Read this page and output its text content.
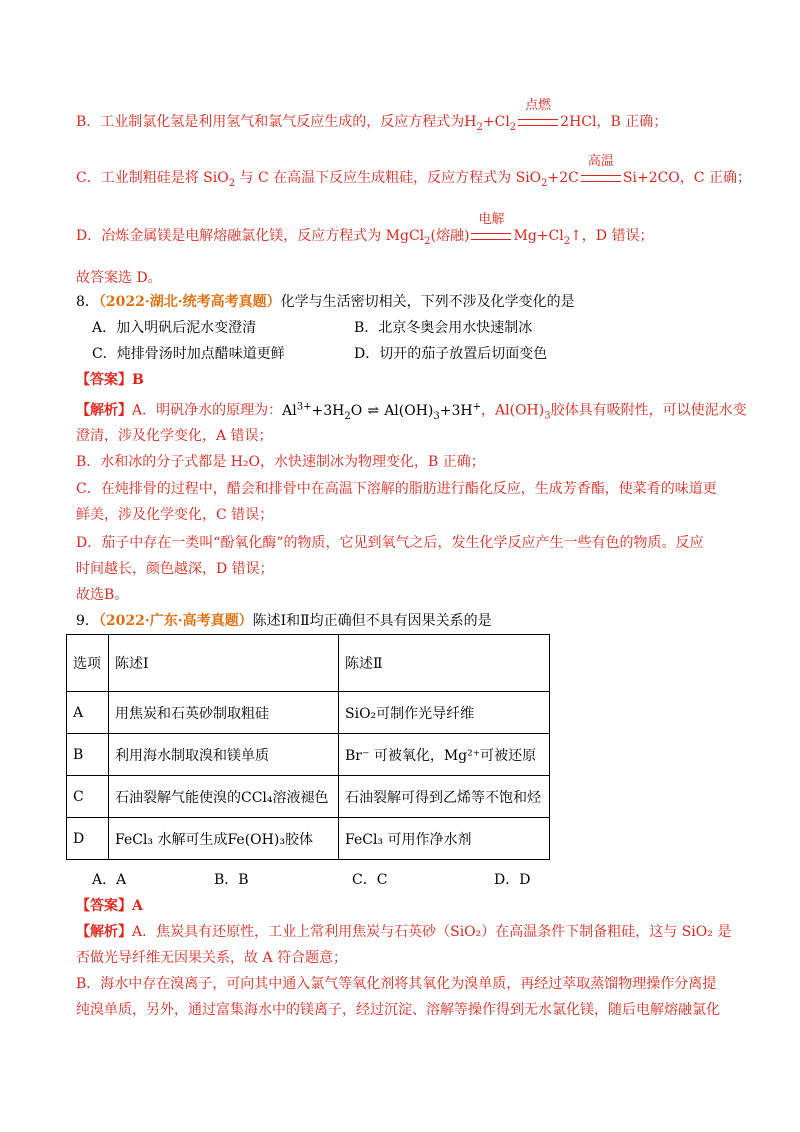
B．工业制氯化氢是利用氢气和氯气反应生成的，反应方程式为$H_2+Cl_2$
点燃
2HCl，B 正确；
C．工业制粗硅是将 SiO$_2$ 与 C 在高温下反应生成粗硅，反应方程式为 SiO$_2$+2C
高温
Si+2CO，C 正确；
D．冶炼金属镁是电解熔融氯化镁，反应方程式为 MgCl$_2$(熔融)
电解
$Mg+Cl_2↑$，D 错误；
故答案选 D。
8．（2022·湖北·统考高考真题）化学与生活密切相关，下列不涉及化学变化的是
A．加入明矾后泥水变澄清	B．北京冬奥会用水快速制冰
C．炖排骨汤时加点醋味道更鲜	D．切开的茄子放置后切面变色
【答案】B
【解析】A．明矾净水的原理为：$Al^{3+}+3H_2O$ ⇌ $Al(OH)_3+3H^+$，$Al(OH)_3$胶体具有吸附性，可以使泥水变
澄清，涉及化学变化，A 错误；
B．水和冰的分子式都是 H₂O，水快速制冰为物理变化，B 正确；
C．在炖排骨的过程中，醋会和排骨中在高温下溶解的脂肪进行酯化反应，生成芳香酯，使菜肴的味道更
鲜美，涉及化学变化，C 错误；
D．茄子中存在一类叫“酚氧化酶”的物质，它见到氧气之后，发生化学反应产生一些有色的物质。反应
时间越长，颜色越深，D 错误；
故选B。
9．（2022·广东·高考真题）陈述Ⅰ和Ⅱ均正确但不具有因果关系的是
选项	陈述Ⅰ	陈述Ⅱ
A	用焦炭和石英砂制取粗硅	SiO₂可制作光导纤维
B	利用海水制取溴和镁单质	Br⁻ 可被氧化，Mg²⁺可被还原
C	石油裂解气能使溴的CCl₄溶液褪色	石油裂解可得到乙烯等不饱和烃
D	FeCl₃ 水解可生成Fe(OH)₃胶体	FeCl₃ 可用作净水剂
A．A	B．B	C．C	D．D
【答案】A
【解析】A．焦炭具有还原性，工业上常利用焦炭与石英砂（SiO₂）在高温条件下制备粗硅，这与 SiO₂ 是
否做光导纤维无因果关系，故 A 符合题意；
B．海水中存在溴离子，可向其中通入氯气等氧化剂将其氧化为溴单质，再经过萃取蒸馏物理操作分离提
纯溴单质，另外，通过富集海水中的镁离子，经过沉淀、溶解等操作得到无水氯化镁，随后电解熔融氯化
